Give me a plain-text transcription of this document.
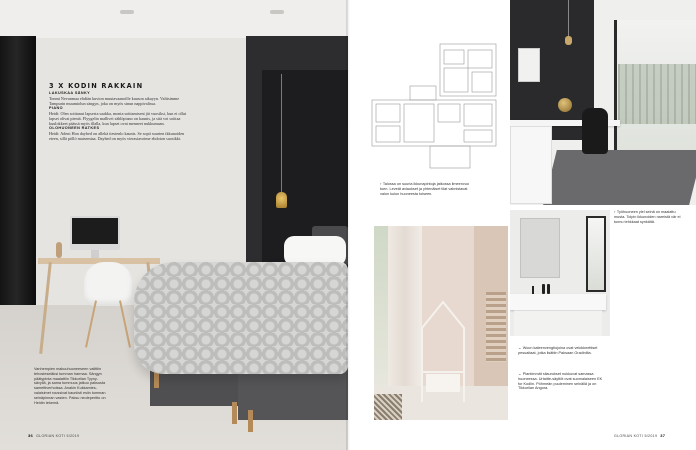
3 X KODIN RAKKAIN
LAKUSKAA SÄNKY
Tonmi Nevanmaa ehdiän kuvion muutavaanoille kuuson aikayyn. Valitsimme Tampurin muumiolun sängyn, joka on myös sinun nappivalissa.
PIANO
Heidi: Olen soittanut lapsesta saakka, monta soittamiseni jäi vuosiksi, kun ei ollut lapset olivat pieniä. Flyygelin mallivei sählöpiano on kaunis, ja sitä voi soittaa kuulokkeet päässä myös illalla, kun lapset ovat menneet nukkumaan.
OLOHUONEEN RATKES
Heidi: Adeni Hon daybed on allekä tiestenlo kaunis. Se sopii suurten ikkunoiden eteen, sillä pöllö maisemiaa. Daybed on myös vierasiavoime ehdoton suosikki.
Vanhempien makuuhuoneeseen valittiin tehosteseiäksi tumman harmaa. Sängyn päätypinta maalattiin Tikkurilan Tyyny-sävyllä, ja sama tummuus jatkuu paksusta samettiverhoissa. Anakin Kukkamies-valaisimet roussivat kauniisti esiin tumman seinäpinnan vasten. Paksu neuleperitto on Heidin tekemä.
36 GLORIAN KOTI 5/2019
↑Talossa on suuria ikkunapintoja jatkossa ilmeenvuo tuen. Leveät avlaukset ja yhtenäiset tilat valmistavat valon kulun huoneesta toiseen.
↑Työhuoneen ylel seinä on maalattu musta. Tolpin ikkunoiden nareistä vär ei tunnu tehkkaat synkältä.
←Wocn kateenvengtiojoina ovat velokkeettiset pesuaitaat, jotka lisättin Paksaan Gradinilta.
←Plantimmät silaurukset nukkuvat samassa huoneessa. Urtaitte-säyttöt ovat suomalaiseen EK for Kodlin. Pöhmeän puuleminen seinällä ja on Tikkurilan Angora.
GLORIAN KOTI 5/2019 37
